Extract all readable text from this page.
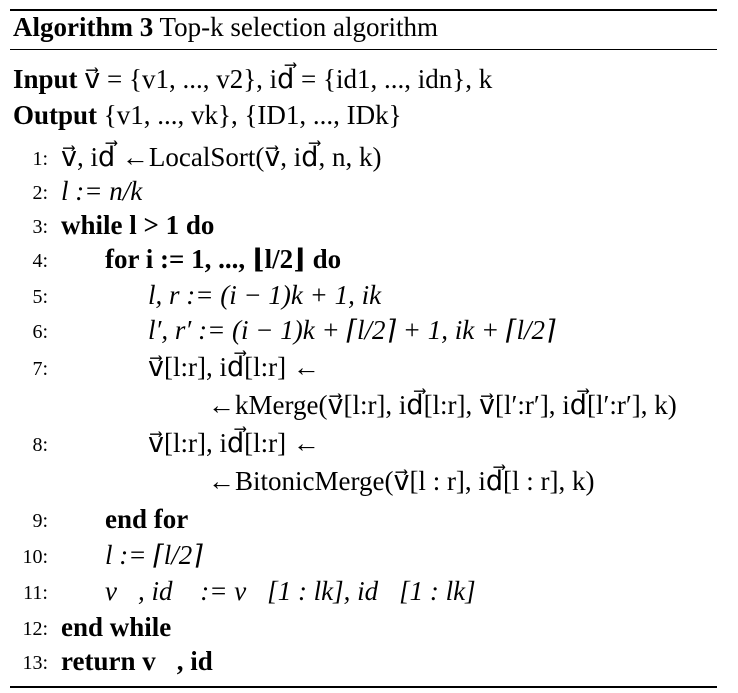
Algorithm 3 Top-k selection algorithm
Input v⃗ = {v1, ..., v2}, id⃗ = {id1, ..., idn}, k
Output {v1, ..., vk}, {ID1, ..., IDk}
1: v⃗, id⃗ ←LocalSort(v⃗, id⃗, n, k)
2: l := n/k
3: while l > 1 do
4: for i := 1, ..., ⌊l/2⌋ do
5:	l, r := (i − 1)k + 1, ik
6:	l′, r′ := (i − 1)k + ⌈l/2⌉ + 1, ik + ⌈l/2⌉
7:	v⃗[l:r], id⃗[l:r] ←
←kMerge(v⃗[l:r], id⃗[l:r], v⃗[l′:r′], id⃗[l′:r′], k)
8:	v⃗[l:r], id⃗[l:r] ←
←BitonicMerge(v⃗[l : r], id⃗[l : r], k)
9: end for
10: l := ⌈l/2⌉
11: v⃗, id⃗ := v⃗[1 : lk], id⃗[1 : lk]
12: end while
13: return v⃗, id⃗
